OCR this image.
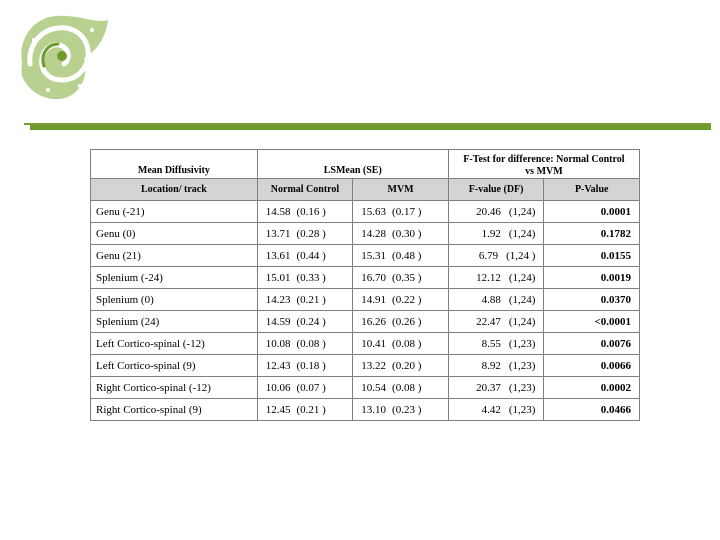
Mean Diffusivity	LSMean (SE)		F-Test for difference: Normal Control
vs MVM	

Location/ track	Normal Control	MVM	F-value (DF)	P-Value
Genu (-21)	14.58 (0.16 )	15.63 (0.17 )	20.46 (1,24)	0.0001
Genu (0)	13.71 (0.28 )	14.28 (0.30 )	1.92 (1,24)	0.1782
Genu (21)	13.61 (0.44 )	15.31 (0.48 )	6.79 (1,24 )	0.0155
Splenium (-24)	15.01 (0.33 )	16.70 (0.35 )	12.12 (1,24)	0.0019
Splenium (0)	14.23 (0.21 )	14.91 (0.22 )	4.88 (1,24)	0.0370
Splenium (24)	14.59 (0.24 )	16.26 (0.26 )	22.47 (1,24)	<0.0001
Left Cortico-spinal (-12)	10.08 (0.08 )	10.41 (0.08 )	8.55 (1,23)	0.0076
Left Cortico-spinal (9)	12.43 (0.18 )	13.22 (0.20 )	8.92 (1,23)	0.0066
Right Cortico-spinal (-12)	10.06 (0.07 )	10.54 (0.08 )	20.37 (1,23)	0.0002
Right Cortico-spinal (9)	12.45 (0.21 )	13.10 (0.23 )	4.42 (1,23)	0.0466
